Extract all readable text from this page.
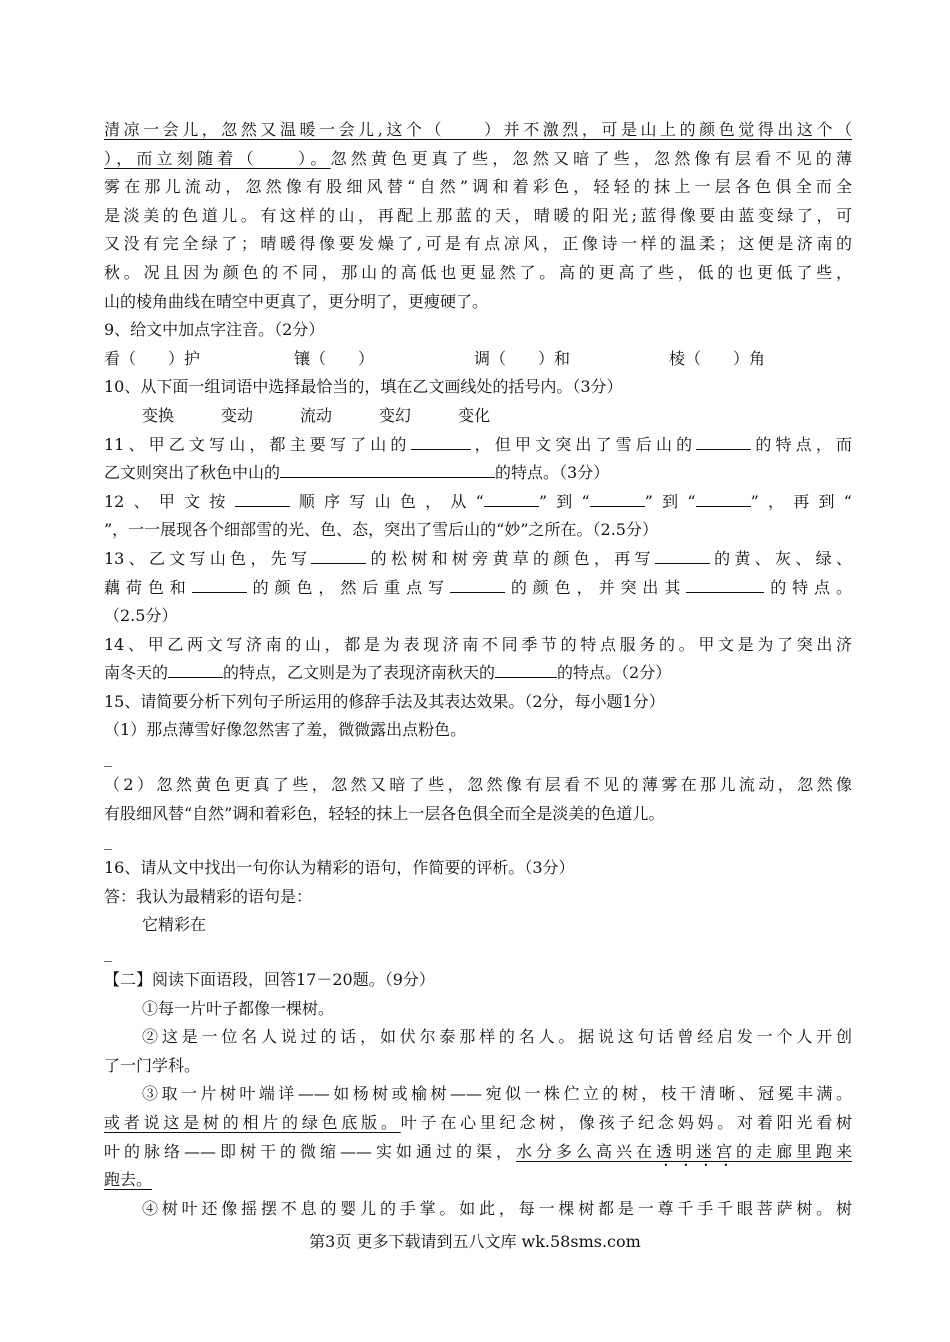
清凉一会儿，忽然又温暖一会儿,这个（　　）并不激烈，可是山上的颜色觉得出这个（
），而立刻随着（　　）。忽然黄色更真了些，忽然又暗了些，忽然像有层看不见的薄
雾在那儿流动，忽然像有股细风替“自然”调和着彩色，轻轻的抹上一层各色俱全而全
是淡美的色道儿。有这样的山，再配上那蓝的天，晴暖的阳光;蓝得像要由蓝变绿了，可
又没有完全绿了；晴暖得像要发燥了,可是有点凉风，正像诗一样的温柔；这便是济南的
秋。况且因为颜色的不同，那山的高低也更显然了。高的更高了些，低的也更低了些，
山的棱角曲线在晴空中更真了，更分明了，更瘦硬了。
9、给文中加点字注音。（2分）
看（　　）护	镶（　　）	调（　　）和	棱（　　）角
10、从下面一组词语中选择最恰当的，填在乙文画线处的括号内。（3分）
变换	变动	流动	变幻	变化
11、甲乙文写山，都主要写了山的	，但甲文突出了雪后山的	的特点，而
乙文则突出了秋色中山的	的特点。（3分）
12、甲文按	顺序写山色，从“	”到“	”到“	”，再到“
”，一一展现各个细部雪的光、色、态，突出了雪后山的“妙”之所在。（2.5分）
13、乙文写山色，先写	的松树和树旁黄草的颜色，再写	的黄、灰、绿、
藕荷色和	的颜色，然后重点写	的颜色，并突出其	的特点。
（2.5分）
14、甲乙两文写济南的山，都是为表现济南不同季节的特点服务的。甲文是为了突出济
南冬天的	的特点，乙文则是为了表现济南秋天的	的特点。（2分）
15、请简要分析下列句子所运用的修辞手法及其表达效果。（2分，每小题1分）
（1）那点薄雪好像忽然害了羞，微微露出点粉色。
_
（2）忽然黄色更真了些，忽然又暗了些，忽然像有层看不见的薄雾在那儿流动，忽然像
有股细风替“自然”调和着彩色，轻轻的抹上一层各色俱全而全是淡美的色道儿。
_
16、请从文中找出一句你认为精彩的语句，作简要的评析。（3分）
答：我认为最精彩的语句是：
它精彩在
_
【二】阅读下面语段，回答17－20题。（9分）
①每一片叶子都像一棵树。
②这是一位名人说过的话，如伏尔泰那样的名人。据说这句话曾经启发一个人开创
了一门学科。
③取一片树叶端详——如杨树或榆树——宛似一株伫立的树，枝干清晰、冠冕丰满。
或者说这是树的相片的绿色底版。叶子在心里纪念树，像孩子纪念妈妈。对着阳光看树
叶的脉络——即树干的微缩——实如通过的渠，水分多么高兴在透明迷宫的走廊里跑来
跑去。
④树叶还像摇摆不息的婴儿的手掌。如此，每一棵树都是一尊千手千眼菩萨树。树
第3页 更多下载请到五八文库 wk.58sms.com
